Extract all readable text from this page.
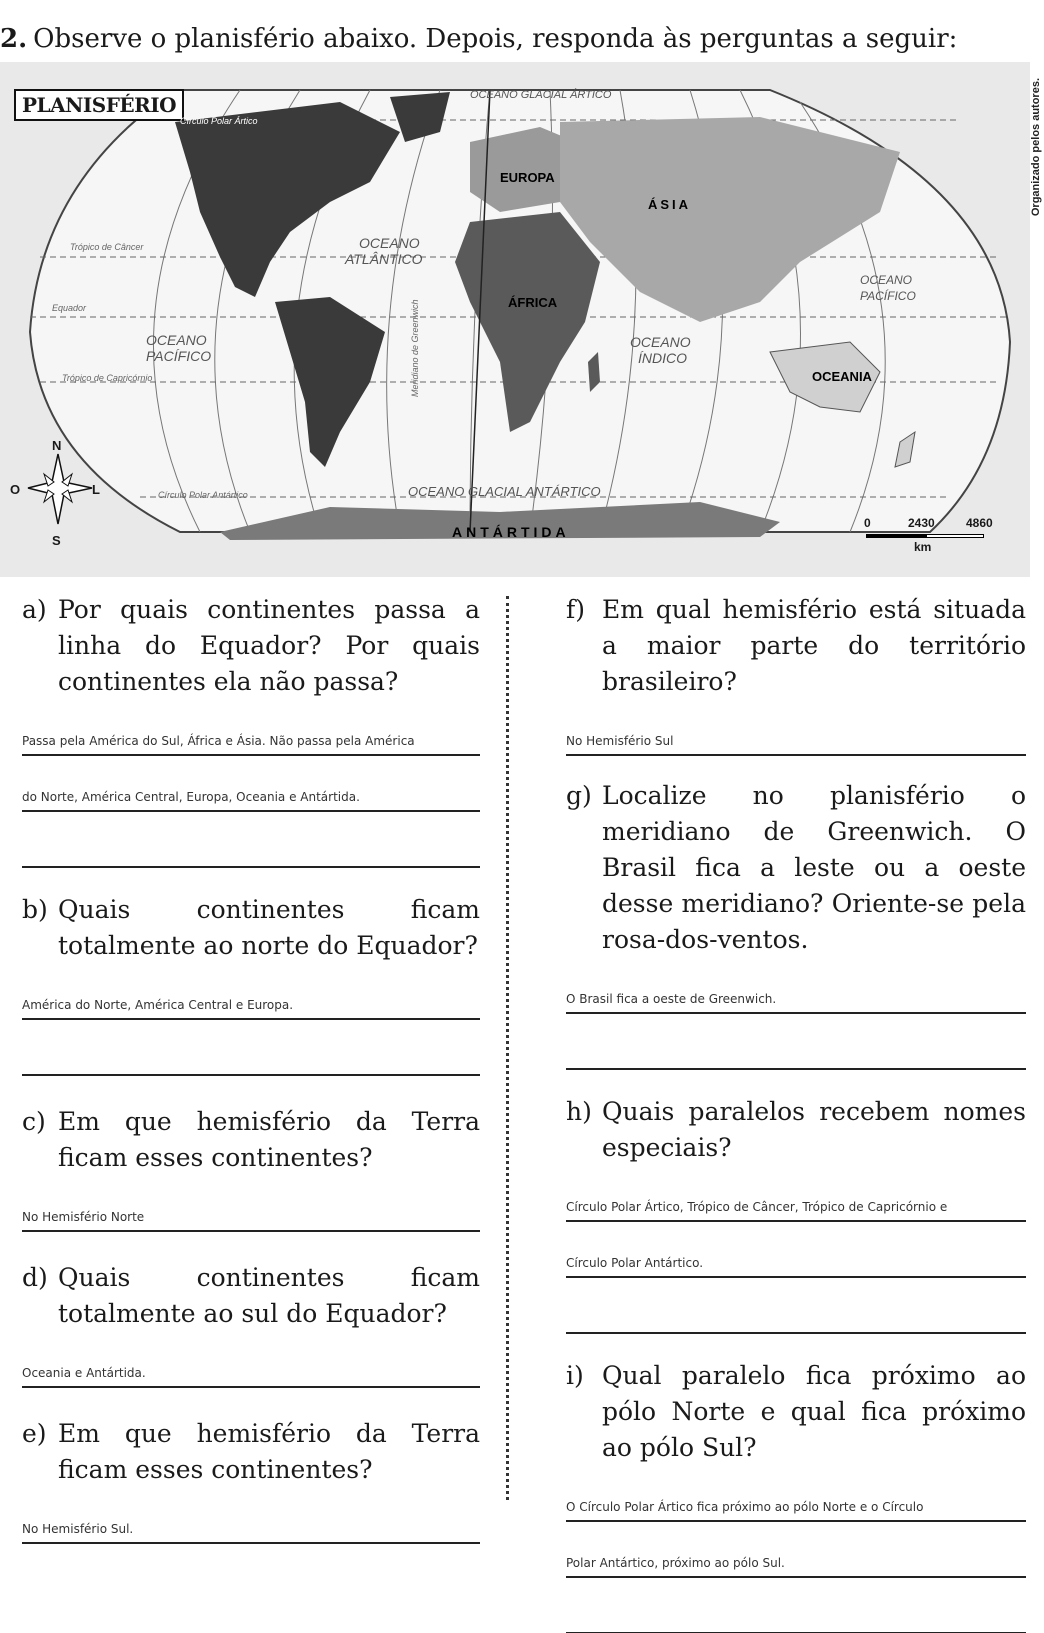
2. Observe o planisfério abaixo. Depois, responda às perguntas a seguir:
PLANISFÉRIO	OCEANO GLACIAL ÁRTICO
OCEANO
ATLÂNTICO
OCEANO
PACÍFICO
OCEANO
PACÍFICO
OCEANO
ÍNDICO
OCEANO GLACIAL ANTÁRTICO
EUROPA
ÁSIA
ÁFRICA
OCEANIA
ANTÁRTIDA
Círculo Polar Ártico
Trópico de Câncer
Equador
Trópico de Capricórnio
Círculo Polar Antártico
Meridiano de Greenwich
N
S
L
O
0	2430	4860
km
Organizado pelos autores.
a) Por quais continentes passa a linha do Equador? Por quais continentes ela não passa?
Passa pela América do Sul, África e Ásia. Não passa pela América
do Norte, América Central, Europa, Oceania e Antártida.
b) Quais continentes ficam totalmente ao norte do Equador?
América do Norte, América Central e Europa.
c) Em que hemisfério da Terra ficam esses continentes?
No Hemisfério Norte
d) Quais continentes ficam totalmente ao sul do Equador?
Oceania e Antártida.
e) Em que hemisfério da Terra ficam esses continentes?
No Hemisfério Sul.
f) Em qual hemisfério está situada a maior parte do território brasileiro?
No Hemisfério Sul
g) Localize no planisfério o meridiano de Greenwich. O Brasil fica a leste ou a oeste desse meridiano? Oriente-se pela rosa-dos-ventos.
O Brasil fica a oeste de Greenwich.
h) Quais paralelos recebem nomes especiais?
Círculo Polar Ártico, Trópico de Câncer, Trópico de Capricórnio e
Círculo Polar Antártico.
i) Qual paralelo fica próximo ao pólo Norte e qual fica próximo ao pólo Sul?
O Círculo Polar Ártico fica próximo ao pólo Norte e o Círculo
Polar Antártico, próximo ao pólo Sul.
